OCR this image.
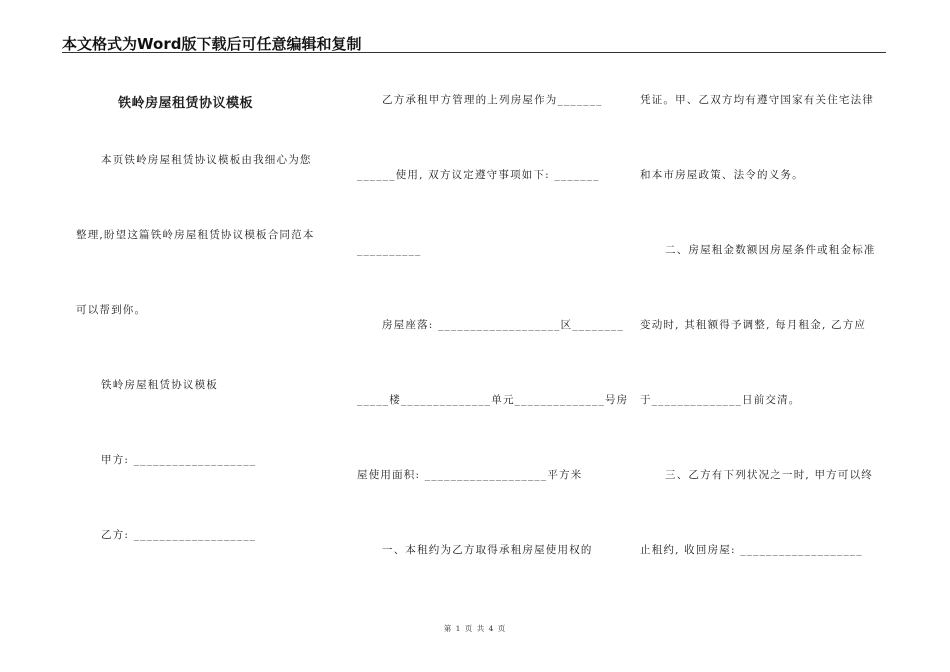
本文格式为Word版下载后可任意编辑和复制
铁岭房屋租赁协议模板
本页铁岭房屋租赁协议模板由我细心为您
整理,盼望这篇铁岭房屋租赁协议模板合同范本
可以帮到你。
铁岭房屋租赁协议模板
甲方: ___________________
乙方: ___________________
乙方承租甲方管理的上列房屋作为_______
______使用, 双方议定遵守事项如下: _______
__________
房屋座落: ___________________区________
_____楼______________单元______________号房
屋使用面积: ___________________平方米
一、本租约为乙方取得承租房屋使用权的
凭证。甲、乙双方均有遵守国家有关住宅法律
和本市房屋政策、法令的义务。
二、房屋租金数额因房屋条件或租金标准
变动时, 其租额得予调整, 每月租金, 乙方应
于______________日前交清。
三、乙方有下列状况之一时, 甲方可以终
止租约, 收回房屋: ___________________
第 1 页 共 4 页
